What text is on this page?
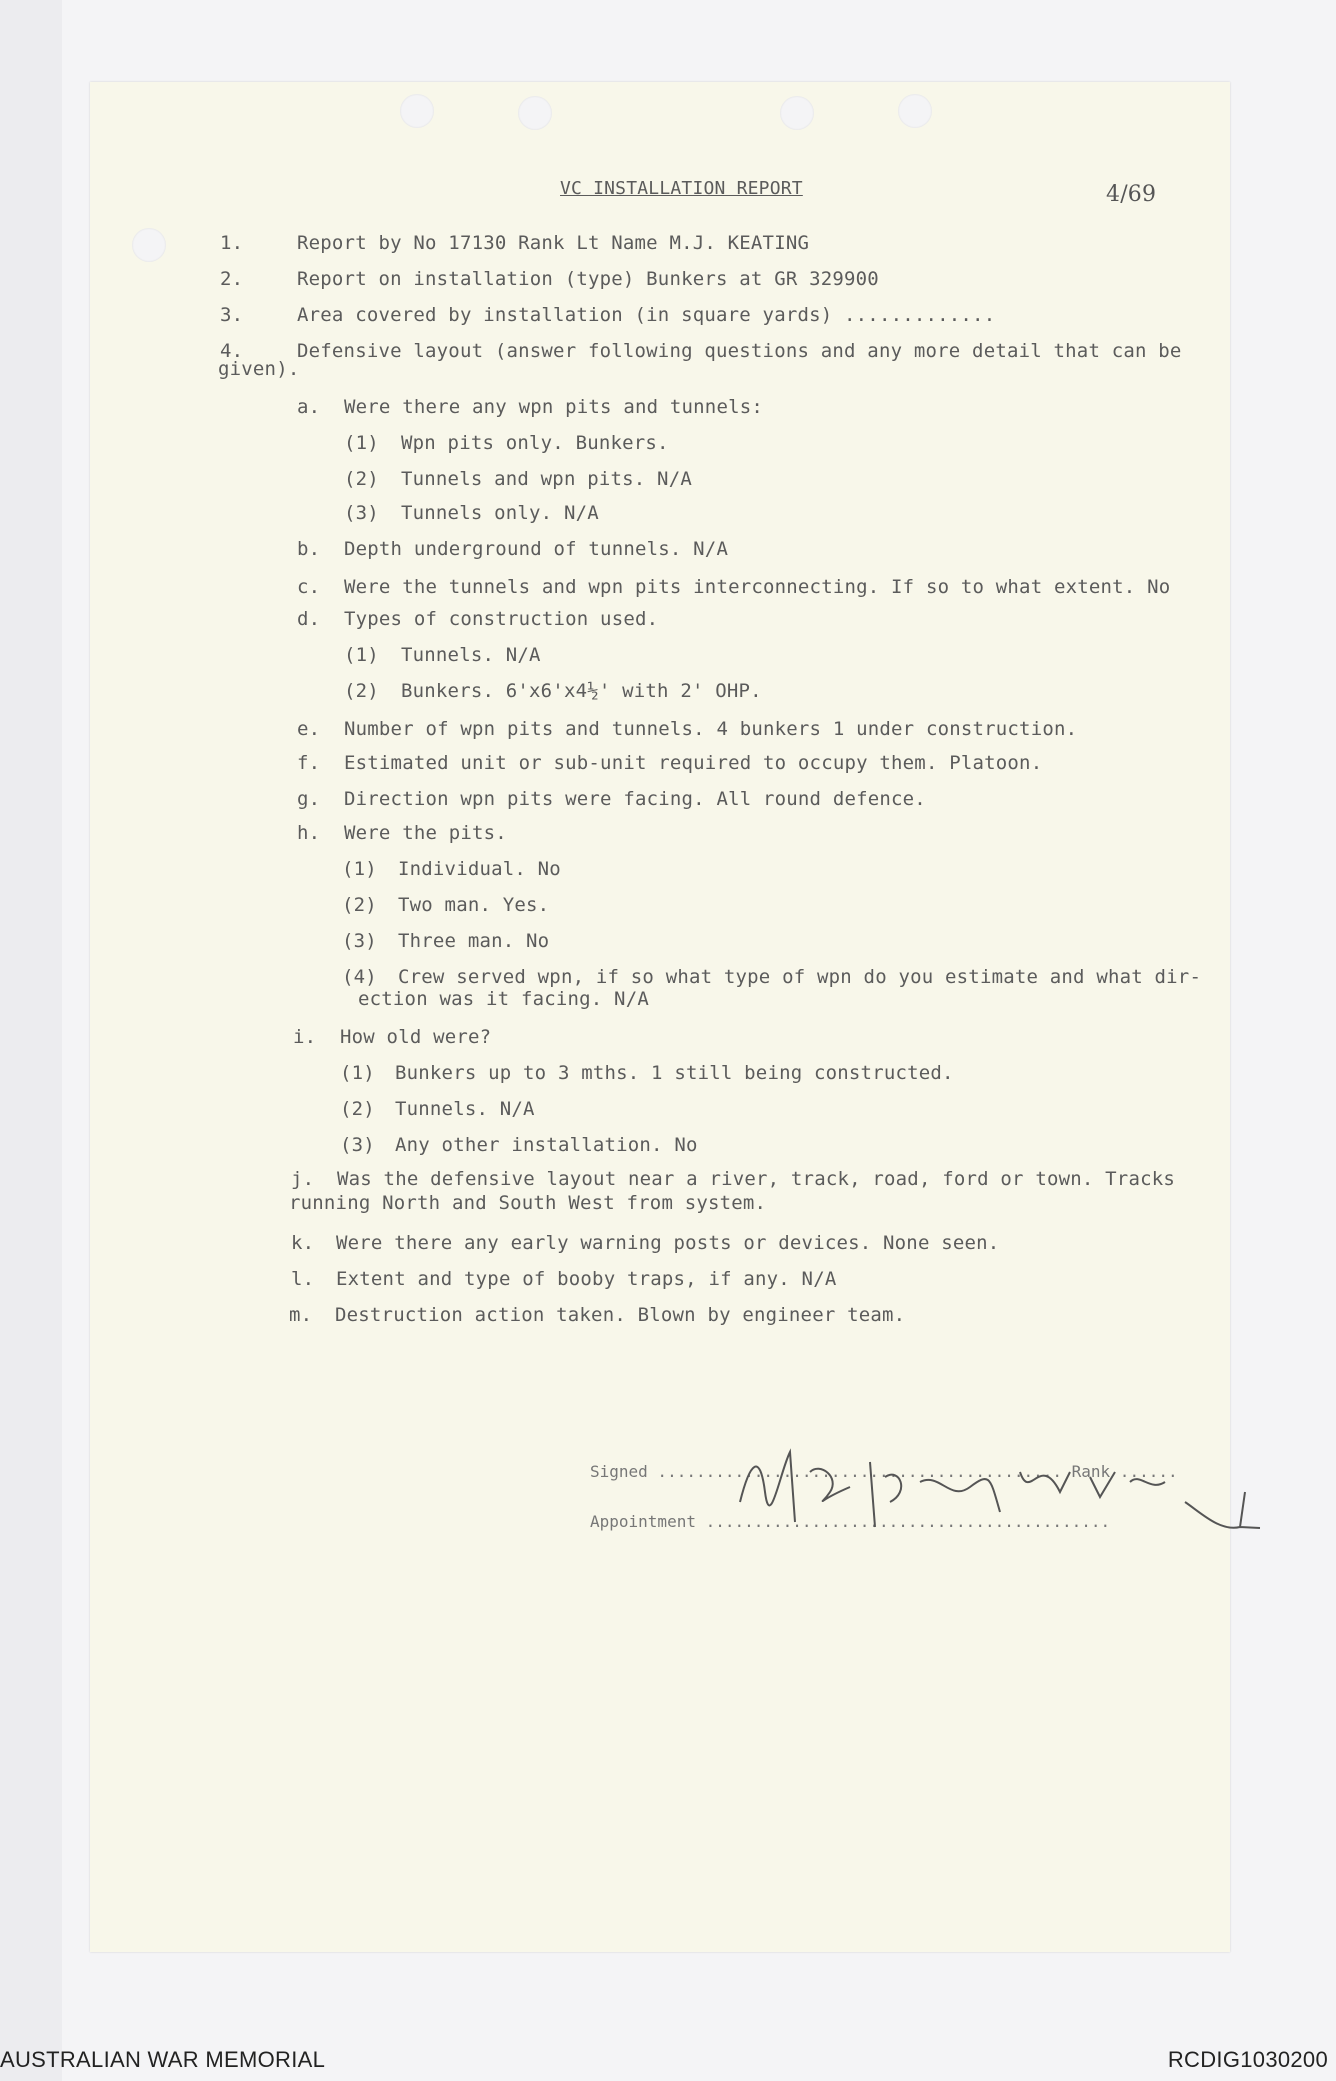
VC INSTALLATION REPORT	4/69
1.	Report by No 17130 Rank Lt Name M.J. KEATING
2.	Report on installation (type) Bunkers at GR 329900
3.	Area covered by installation (in square yards) .............
4.	Defensive layout (answer following questions and any more detail that can be
given).
a. Were there any wpn pits and tunnels:
(1) Wpn pits only. Bunkers.
(2) Tunnels and wpn pits. N/A
(3) Tunnels only. N/A
b. Depth underground of tunnels. N/A
c. Were the tunnels and wpn pits interconnecting. If so to what extent. No
d. Types of construction used.
(1) Tunnels. N/A
(2) Bunkers. 6'x6'x4½' with 2' OHP.
e. Number of wpn pits and tunnels. 4 bunkers 1 under construction.
f. Estimated unit or sub-unit required to occupy them. Platoon.
g. Direction wpn pits were facing. All round defence.
h. Were the pits.
(1) Individual. No
(2) Two man. Yes.
(3) Three man. No
(4) Crew served wpn, if so what type of wpn do you estimate and what dir-
ection was it facing. N/A
i. How old were?
(1) Bunkers up to 3 mths. 1 still being constructed.
(2) Tunnels. N/A
(3) Any other installation. No
j. Was the defensive layout near a river, track, road, ford or town. Tracks
running North and South West from system.
k. Were there any early warning posts or devices. None seen.
l. Extent and type of booby traps, if any. N/A
m. Destruction action taken. Blown by engineer team.
Signed .......................................... Rank ......
Appointment ..........................................
AUSTRALIAN WAR MEMORIAL	RCDIG1030200
